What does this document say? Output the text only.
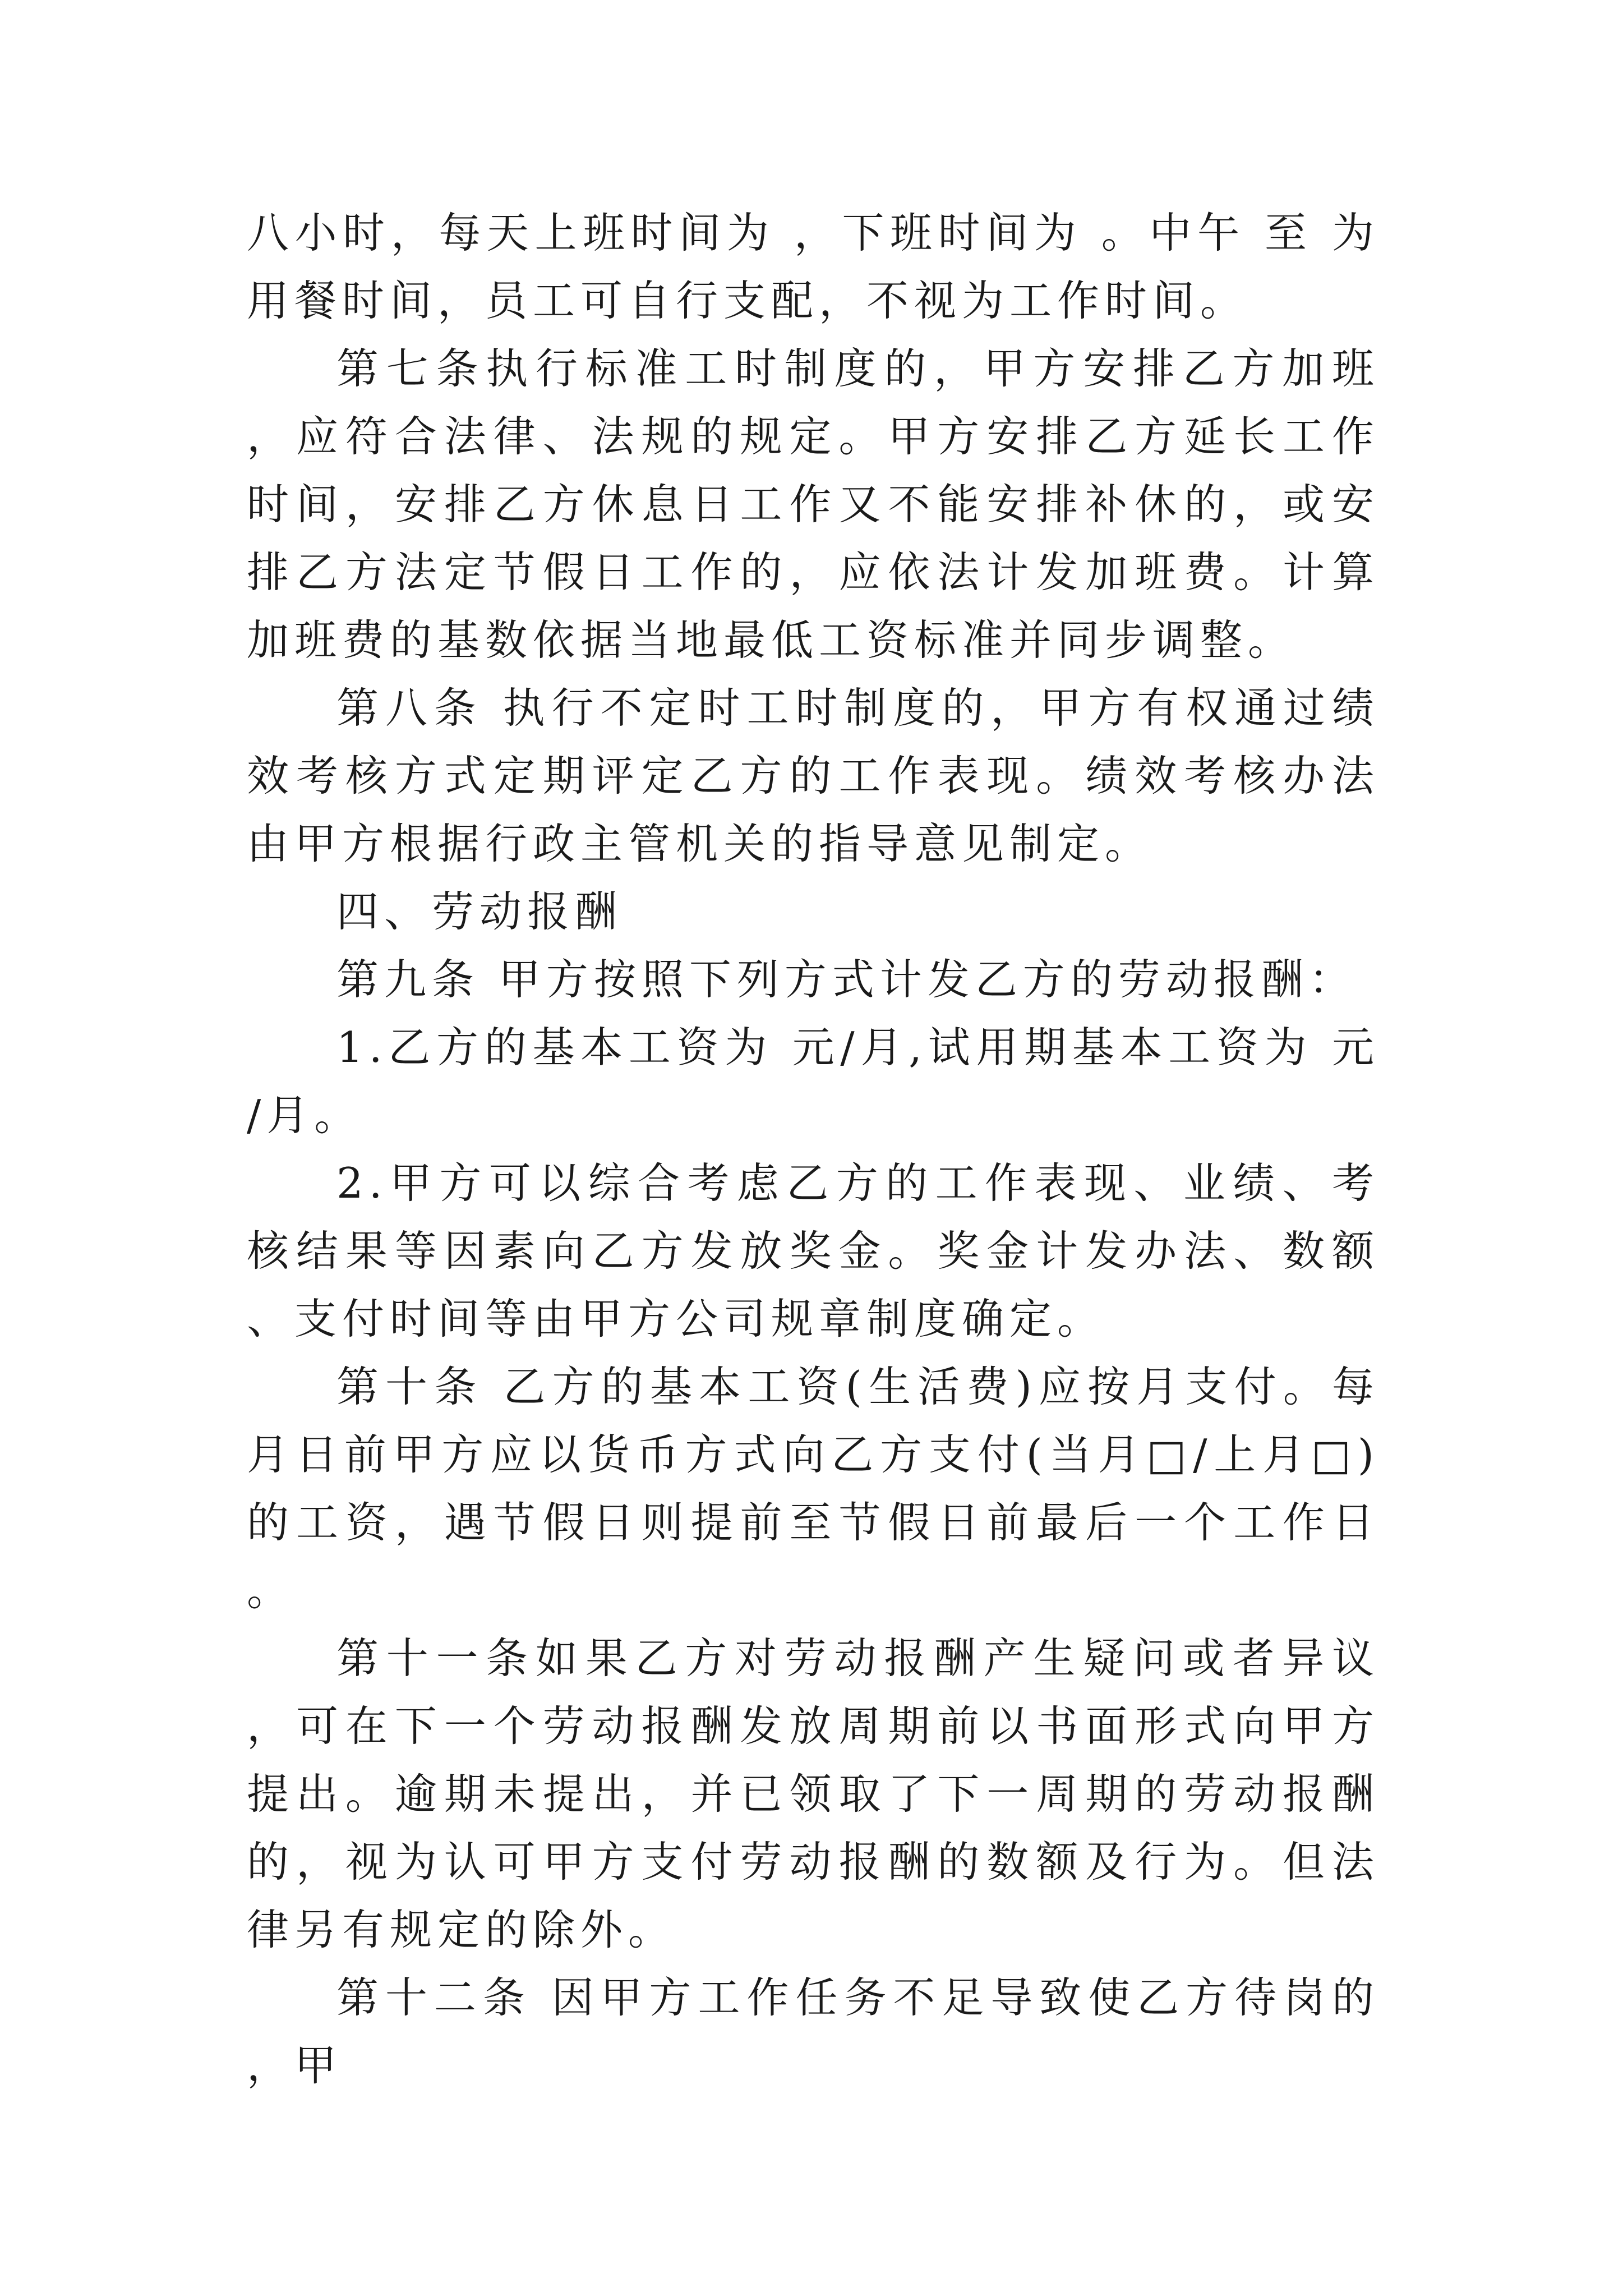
八小时，每天上班时间为 ，下班时间为 。中午 至 为用餐时间，员工可自行支配，不视为工作时间。

第七条执行标准工时制度的，甲方安排乙方加班，应符合法律、法规的规定。甲方安排乙方延长工作时间，安排乙方休息日工作又不能安排补休的，或安排乙方法定节假日工作的，应依法计发加班费。计算加班费的基数依据当地最低工资标准并同步调整。

第八条 执行不定时工时制度的，甲方有权通过绩效考核方式定期评定乙方的工作表现。绩效考核办法由甲方根据行政主管机关的指导意见制定。

四、劳动报酬

第九条 甲方按照下列方式计发乙方的劳动报酬：

1.乙方的基本工资为 元/月,试用期基本工资为 元/月。

2.甲方可以综合考虑乙方的工作表现、业绩、考核结果等因素向乙方发放奖金。奖金计发办法、数额、支付时间等由甲方公司规章制度确定。

第十条 乙方的基本工资(生活费)应按月支付。每月日前甲方应以货币方式向乙方支付(当月□/上月□)的工资，遇节假日则提前至节假日前最后一个工作日。

第十一条如果乙方对劳动报酬产生疑问或者异议，可在下一个劳动报酬发放周期前以书面形式向甲方提出。逾期未提出，并已领取了下一周期的劳动报酬的，视为认可甲方支付劳动报酬的数额及行为。但法律另有规定的除外。

第十二条 因甲方工作任务不足导致使乙方待岗的，甲
